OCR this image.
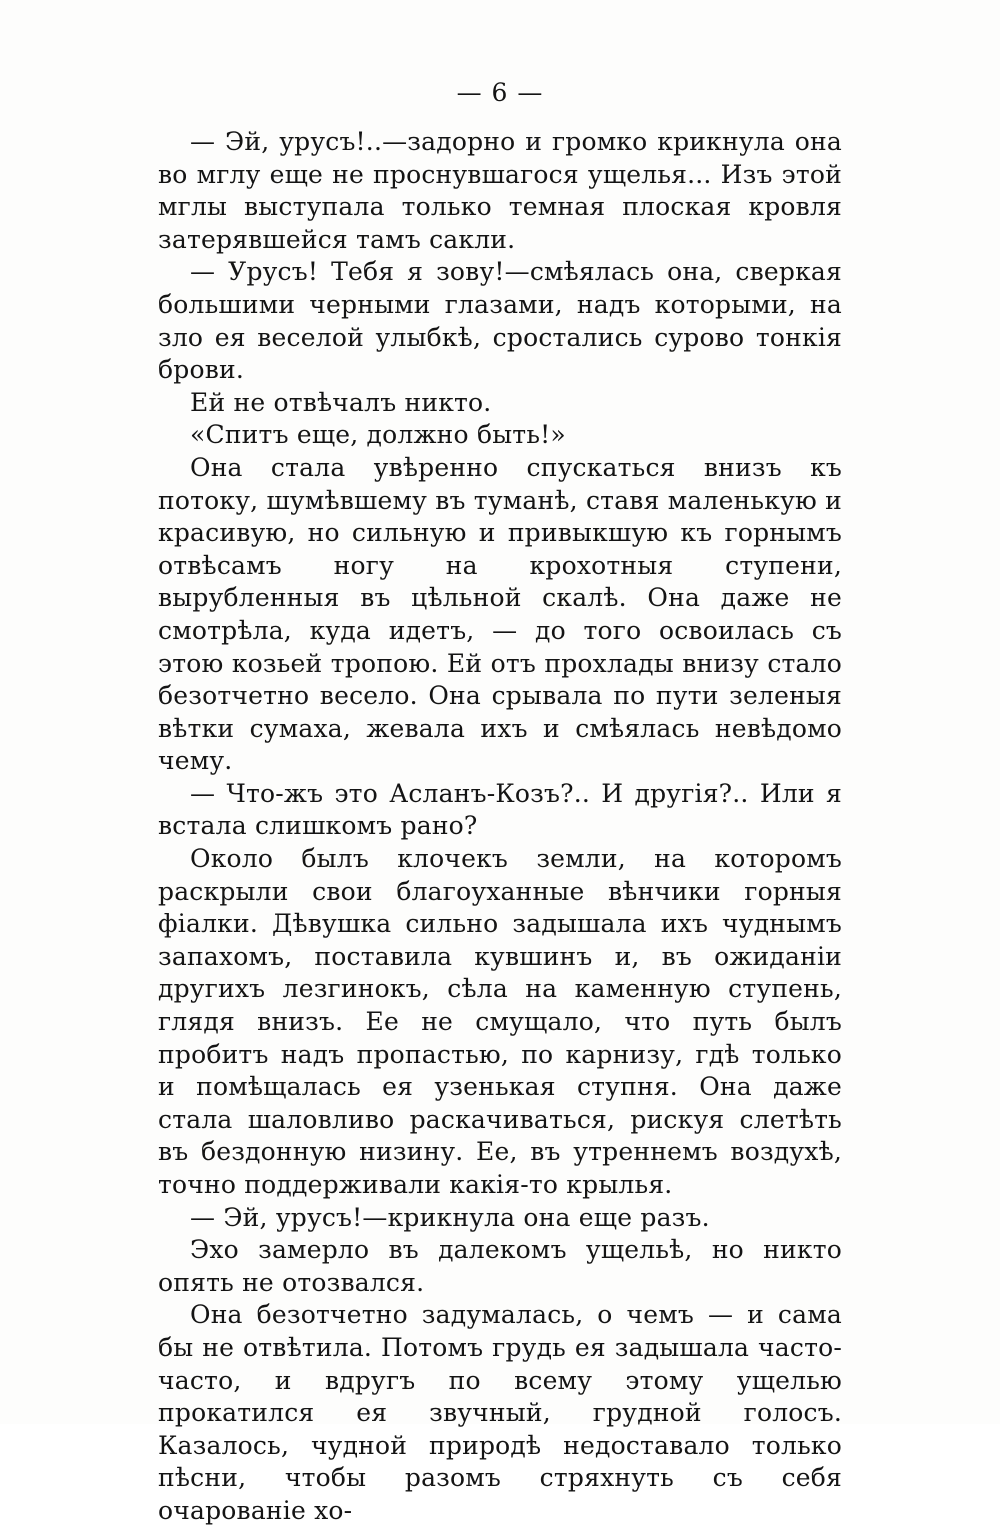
— 6 —

— Эй, урусъ!..—задорно и громко крикнула она во мглу еще не проснувшагося ущелья... Изъ этой мглы выступала только темная плоская кровля затерявшейся тамъ сакли.

— Урусъ! Тебя я зову!—смѣялась она, сверкая большими черными глазами, надъ которыми, на зло ея веселой улыбкѣ, сростались сурово тонкія брови.

Ей не отвѣчалъ никто.

«Спитъ еще, должно быть!»

Она стала увѣренно спускаться внизъ къ потоку, шумѣвшему въ туманѣ, ставя маленькую и красивую, но сильную и привыкшую къ горнымъ отвѣсамъ ногу на крохотныя ступени, вырубленныя въ цѣльной скалѣ. Она даже не смотрѣла, куда идетъ, — до того освоилась съ этою козьей тропою. Ей отъ прохлады внизу стало безотчетно весело. Она срывала по пути зеленыя вѣтки сумаха, жевала ихъ и смѣялась невѣдомо чему.

— Что-жъ это Асланъ-Козъ?.. И другія?.. Или я встала слишкомъ рано?

Около былъ клочекъ земли, на которомъ раскрыли свои благоуханные вѣнчики горныя фіалки. Дѣвушка сильно задышала ихъ чуднымъ запахомъ, поставила кувшинъ и, въ ожиданіи другихъ лезгинокъ, сѣла на каменную ступень, глядя внизъ. Ее не смущало, что путь былъ пробитъ надъ пропастью, по карнизу, гдѣ только и помѣщалась ея узенькая ступня. Она даже стала шаловливо раскачиваться, рискуя слетѣть въ бездонную низину. Ее, въ утреннемъ воздухѣ, точно поддерживали какія-то крылья.

— Эй, урусъ!—крикнула она еще разъ.

Эхо замерло въ далекомъ ущельѣ, но никто опять не отозвался.

Она безотчетно задумалась, о чемъ — и сама бы не отвѣтила. Потомъ грудь ея задышала часто-часто, и вдругъ по всему этому ущелью прокатился ея звучный, грудной голосъ. Казалось, чудной природѣ недоставало только пѣсни, чтобы разомъ стряхнуть съ себя очарованіе хо-
